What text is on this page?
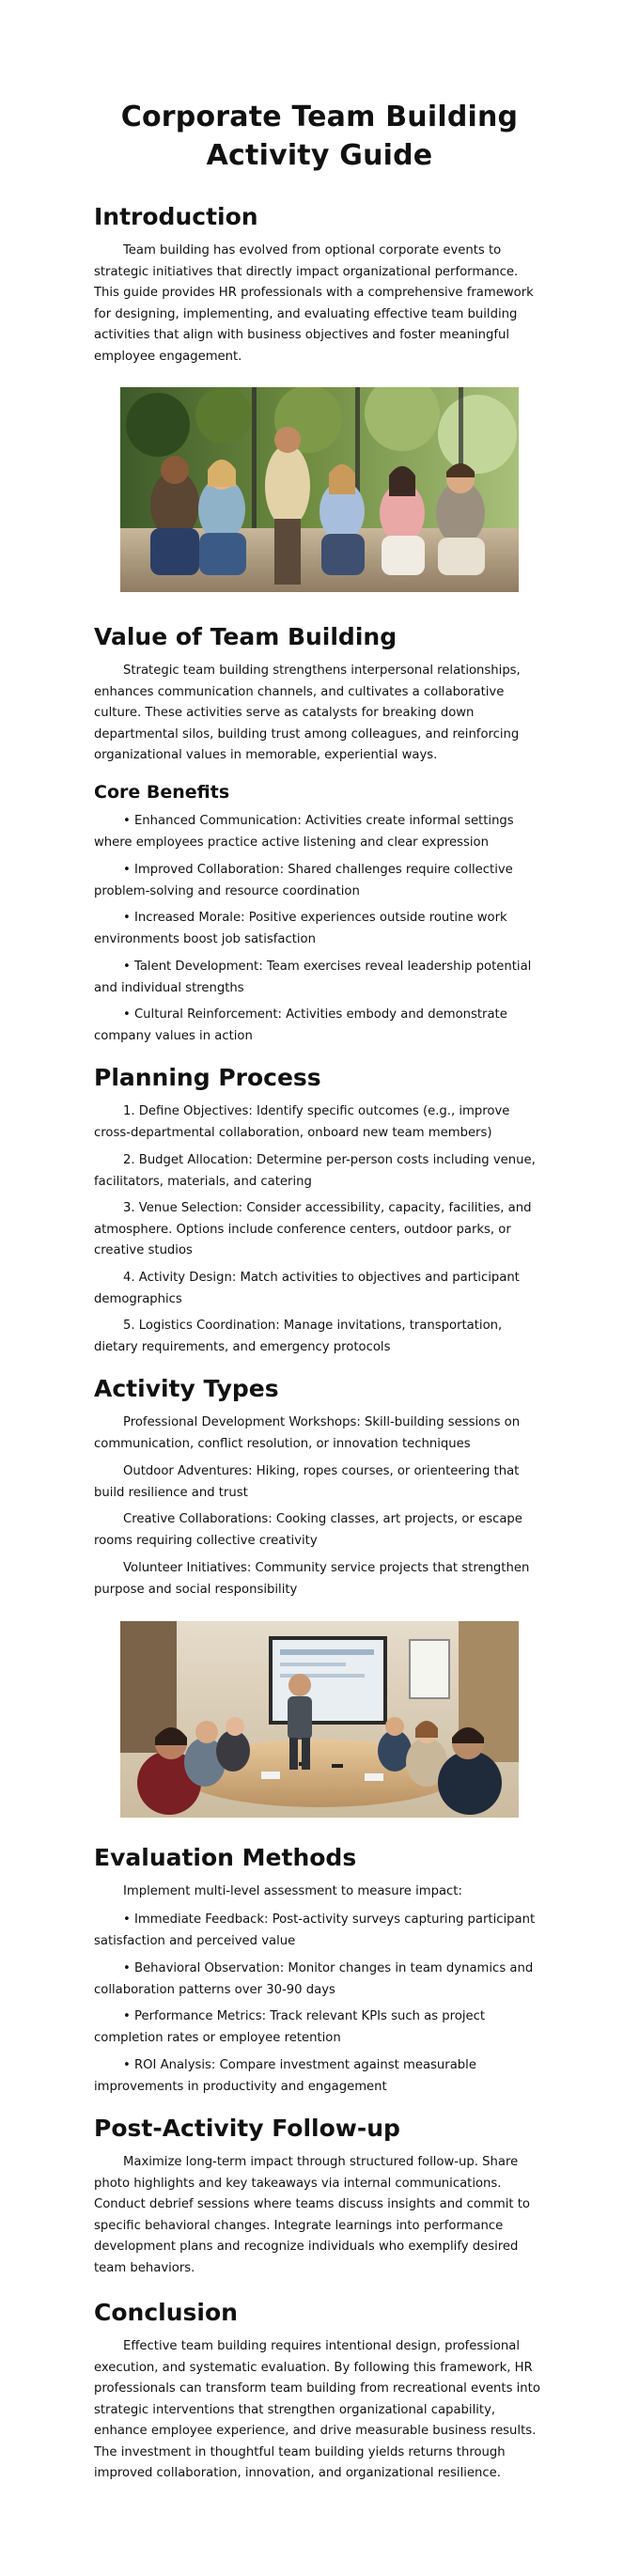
Corporate Team Building Activity Guide
Introduction

Team building has evolved from optional corporate events to strategic initiatives that directly impact organizational performance. This guide provides HR professionals with a comprehensive framework for designing, implementing, and evaluating effective team building activities that align with business objectives and foster meaningful employee engagement.

Value of Team Building

Strategic team building strengthens interpersonal relationships, enhances communication channels, and cultivates a collaborative culture. These activities serve as catalysts for breaking down departmental silos, building trust among colleagues, and reinforcing organizational values in memorable, experiential ways.

Core Benefits

• Enhanced Communication: Activities create informal settings where employees practice active listening and clear expression

• Improved Collaboration: Shared challenges require collective problem-solving and resource coordination

• Increased Morale: Positive experiences outside routine work environments boost job satisfaction

• Talent Development: Team exercises reveal leadership potential and individual strengths

• Cultural Reinforcement: Activities embody and demonstrate company values in action

Planning Process

1. Define Objectives: Identify specific outcomes (e.g., improve cross-departmental collaboration, onboard new team members)

2. Budget Allocation: Determine per-person costs including venue, facilitators, materials, and catering

3. Venue Selection: Consider accessibility, capacity, facilities, and atmosphere. Options include conference centers, outdoor parks, or creative studios

4. Activity Design: Match activities to objectives and participant demographics

5. Logistics Coordination: Manage invitations, transportation, dietary requirements, and emergency protocols

Activity Types

Professional Development Workshops: Skill-building sessions on communication, conflict resolution, or innovation techniques

Outdoor Adventures: Hiking, ropes courses, or orienteering that build resilience and trust

Creative Collaborations: Cooking classes, art projects, or escape rooms requiring collective creativity

Volunteer Initiatives: Community service projects that strengthen purpose and social responsibility

Evaluation Methods

Implement multi-level assessment to measure impact:

• Immediate Feedback: Post-activity surveys capturing participant satisfaction and perceived value

• Behavioral Observation: Monitor changes in team dynamics and collaboration patterns over 30-90 days

• Performance Metrics: Track relevant KPIs such as project completion rates or employee retention

• ROI Analysis: Compare investment against measurable improvements in productivity and engagement

Post-Activity Follow-up

Maximize long-term impact through structured follow-up. Share photo highlights and key takeaways via internal communications. Conduct debrief sessions where teams discuss insights and commit to specific behavioral changes. Integrate learnings into performance development plans and recognize individuals who exemplify desired team behaviors.

Conclusion

Effective team building requires intentional design, professional execution, and systematic evaluation. By following this framework, HR professionals can transform team building from recreational events into strategic interventions that strengthen organizational capability, enhance employee experience, and drive measurable business results. The investment in thoughtful team building yields returns through improved collaboration, innovation, and organizational resilience.
